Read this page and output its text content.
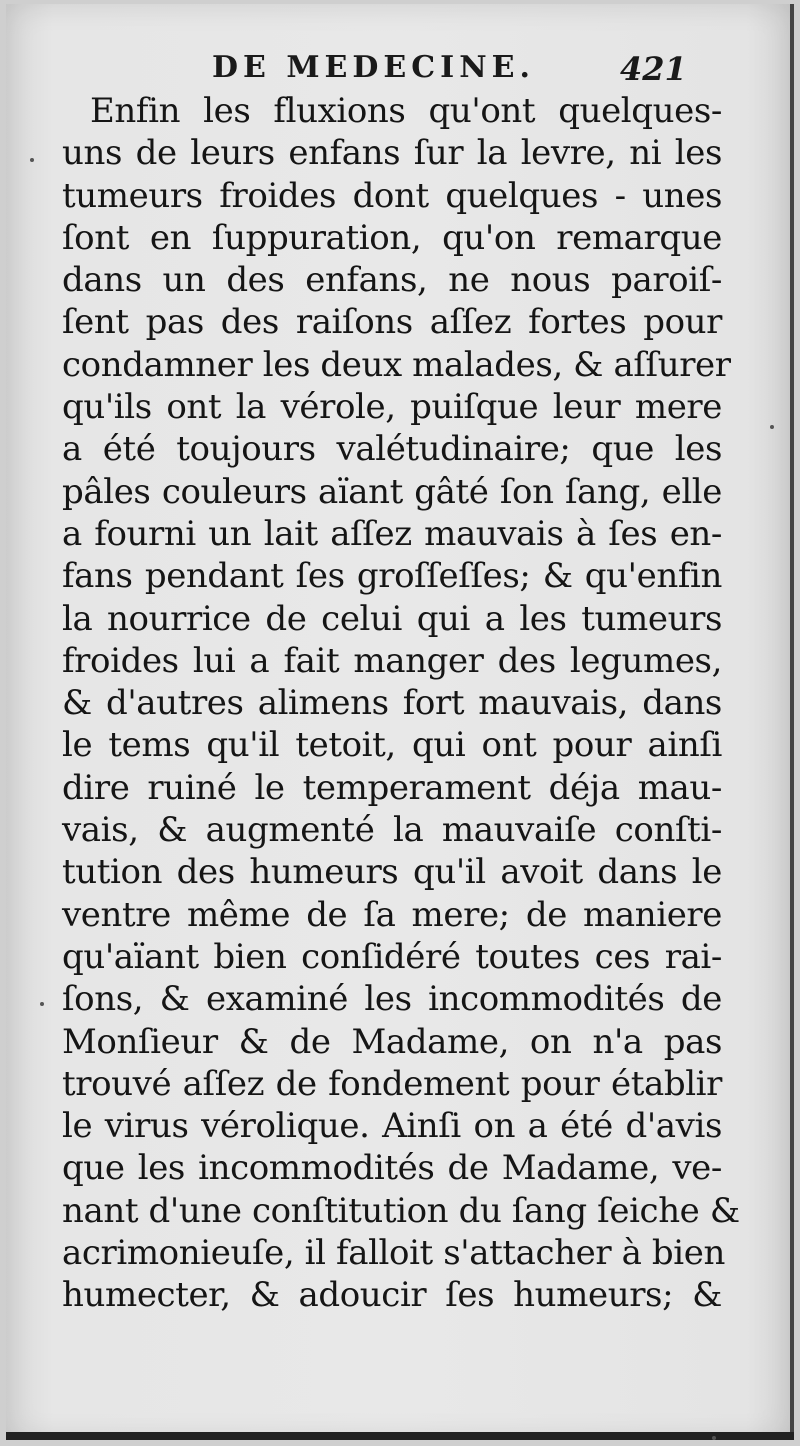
DE MEDECINE.	421
Enfin les fluxions qu'ont quelques-
uns de leurs enfans ſur la levre, ni les
tumeurs froides dont quelques - unes
ſont en ſuppuration, qu'on remarque
dans un des enfans, ne nous paroiſ-
ſent pas des raiſons aſſez fortes pour
condamner les deux malades, & aſſurer
qu'ils ont la vérole, puiſque leur mere
a été toujours valétudinaire; que les
pâles couleurs aïant gâté ſon ſang, elle
a fourni un lait aſſez mauvais à ſes en-
fans pendant ſes groſſeſſes; & qu'enfin
la nourrice de celui qui a les tumeurs
froides lui a fait manger des legumes,
& d'autres alimens fort mauvais, dans
le tems qu'il tetoit, qui ont pour ainſi
dire ruiné le temperament déja mau-
vais, & augmenté la mauvaiſe conſti-
tution des humeurs qu'il avoit dans le
ventre même de ſa mere; de maniere
qu'aïant bien conſidéré toutes ces rai-
ſons, & examiné les incommodités de
Monſieur & de Madame, on n'a pas
trouvé aſſez de fondement pour établir
le virus vérolique. Ainſi on a été d'avis
que les incommodités de Madame, ve-
nant d'une conſtitution du ſang ſeiche &
acrimonieuſe, il falloit s'attacher à bien
humecter, & adoucir ſes humeurs; &
